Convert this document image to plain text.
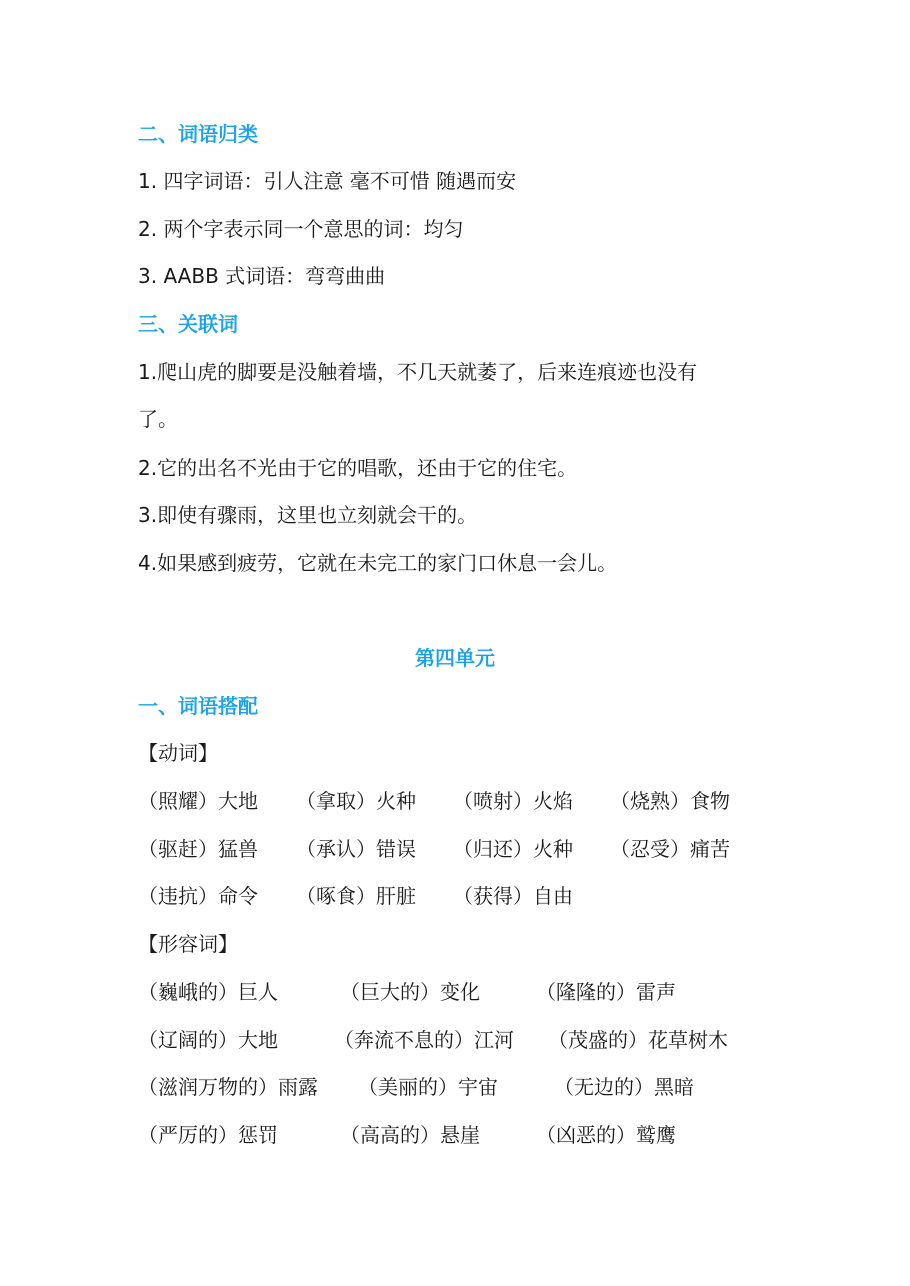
二、词语归类
1. 四字词语：引人注意 毫不可惜 随遇而安
2. 两个字表示同一个意思的词：均匀
3. AABB 式词语：弯弯曲曲
三、关联词
1.爬山虎的脚要是没触着墙，不几天就萎了，后来连痕迹也没有
了。
2.它的出名不光由于它的唱歌，还由于它的住宅。
3.即使有骤雨，这里也立刻就会干的。
4.如果感到疲劳，它就在未完工的家门口休息一会儿。
第四单元
一、词语搭配
【动词】
（照耀）大地 （拿取）火种 （喷射）火焰 （烧熟）食物
（驱赶）猛兽 （承认）错误 （归还）火种 （忍受）痛苦
（违抗）命令 （啄食）肝脏 （获得）自由
【形容词】
（巍峨的）巨人	（巨大的）变化	（隆隆的）雷声
（辽阔的）大地	（奔流不息的）江河 （茂盛的）花草树木
（滋润万物的）雨露 （美丽的）宇宙	（无边的）黑暗
（严厉的）惩罚	（高高的）悬崖	（凶恶的）鹫鹰
